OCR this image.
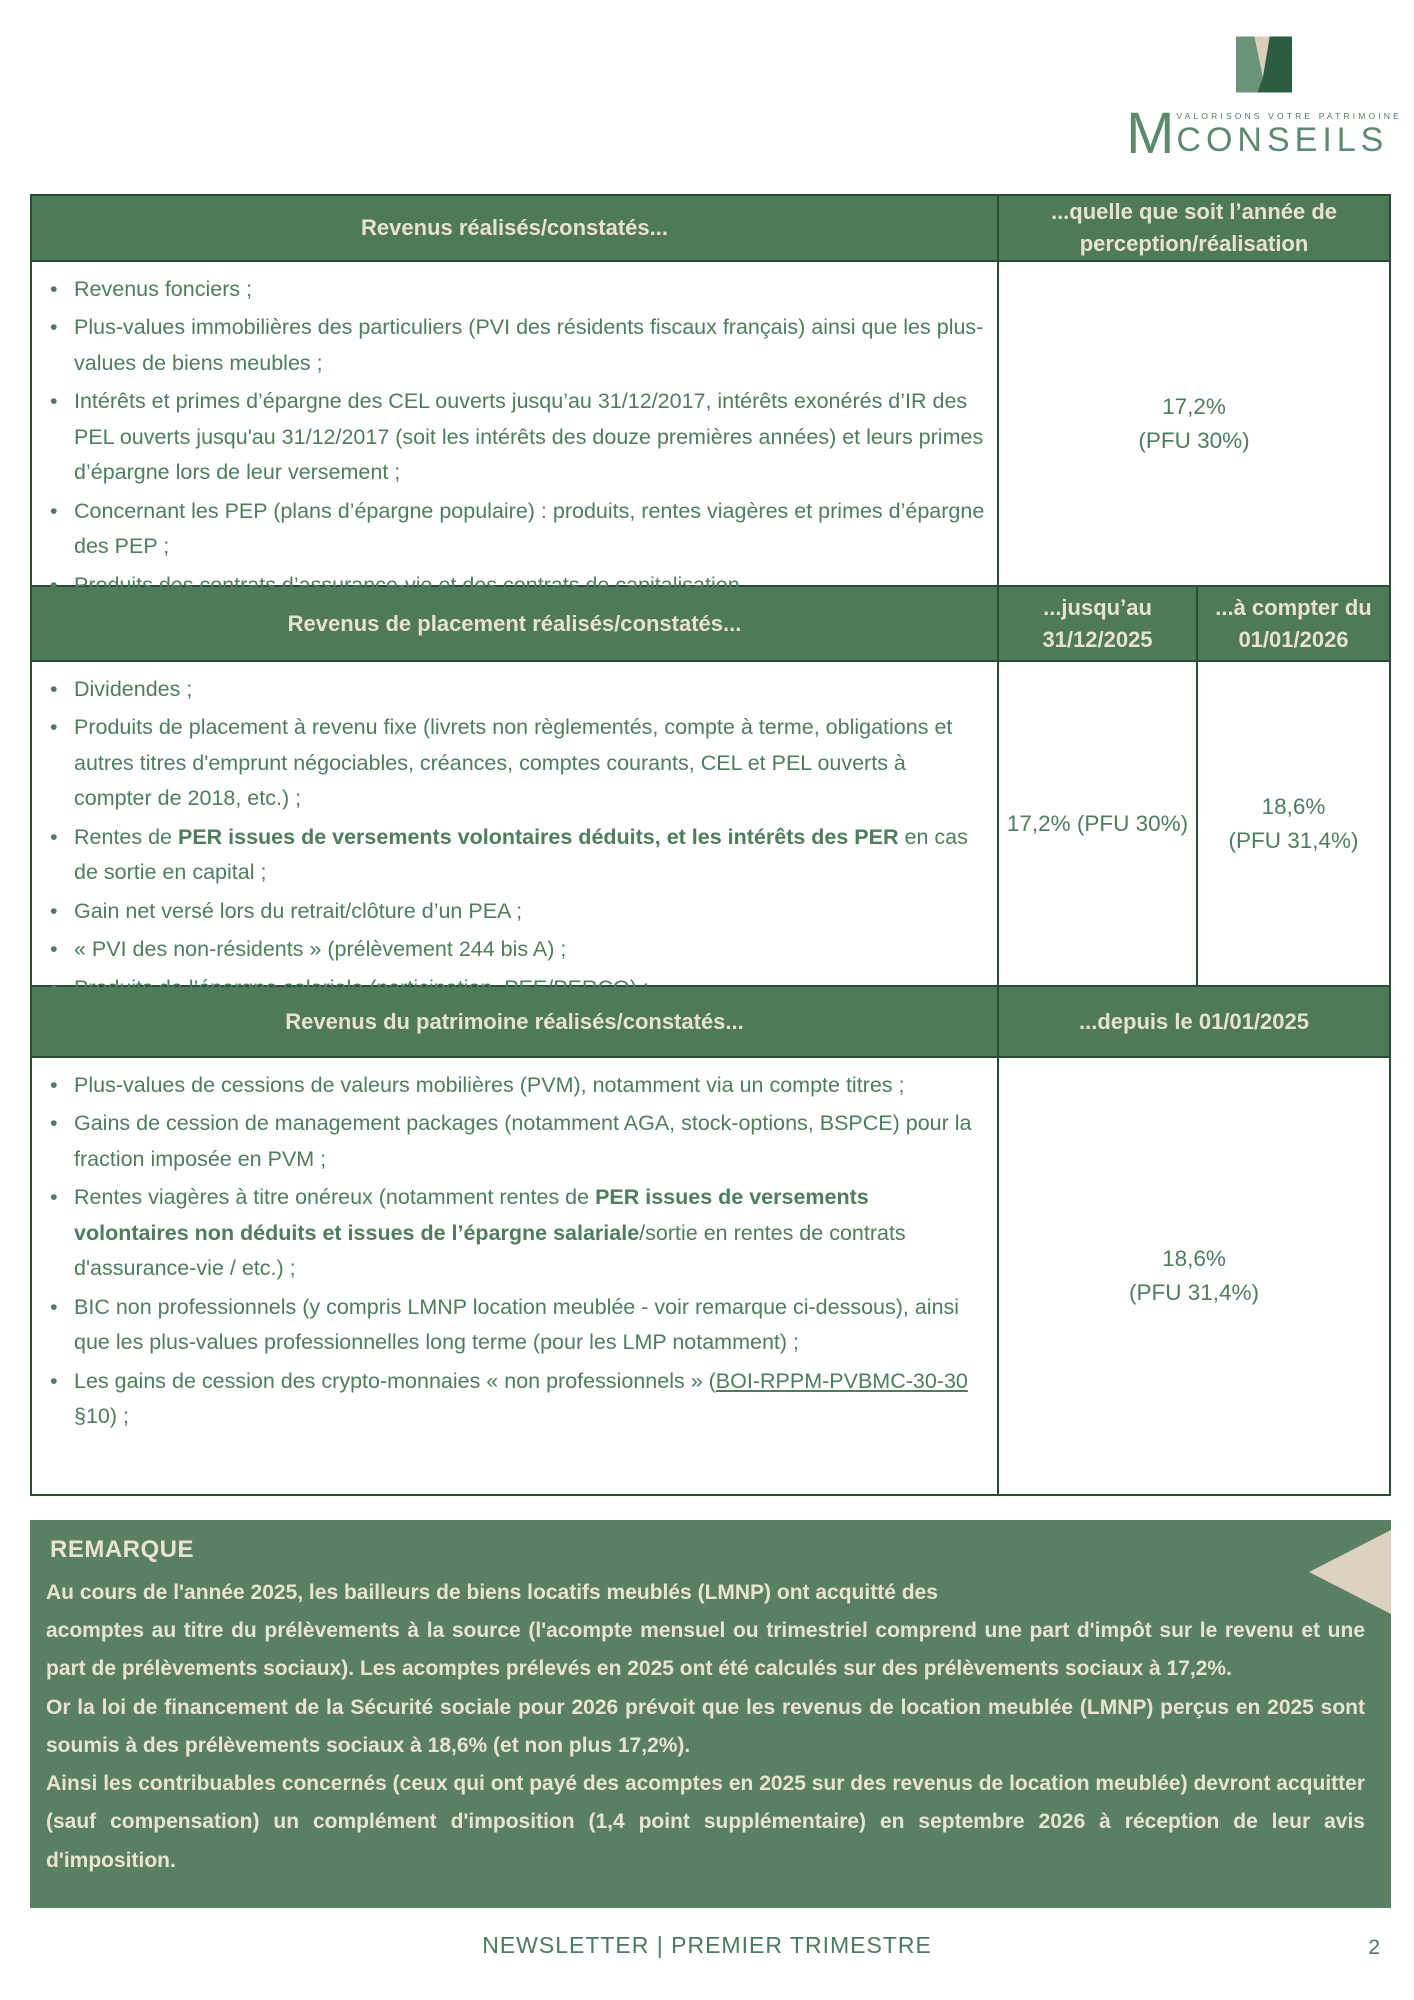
M VALORISONS VOTRE PATRIMOINE
CONSEILS
Revenus réalisés/constatés...
...quelle que soit l’année de perception/réalisation
• Revenus fonciers ;
• Plus-values immobilières des particuliers (PVI des résidents fiscaux français) ainsi que les plus-values de biens meubles ;
• Intérêts et primes d’épargne des CEL ouverts jusqu’au 31/12/2017, intérêts exonérés d’IR des PEL ouverts jusqu'au 31/12/2017 (soit les intérêts des douze premières années) et leurs primes d’épargne lors de leur versement ;
• Concernant les PEP (plans d’épargne populaire) : produits, rentes viagères et primes d’épargne des PEP ;
• Produits des contrats d’assurance-vie et des contrats de capitalisation.
17,2%
(PFU 30%)
Revenus de placement réalisés/constatés...
...jusqu’au 31/12/2025
...à compter du 01/01/2026
• Dividendes ;
• Produits de placement à revenu fixe (livrets non règlementés, compte à terme, obligations et autres titres d'emprunt négociables, créances, comptes courants, CEL et PEL ouverts à compter de 2018, etc.) ;
• Rentes de PER issues de versements volontaires déduits, et les intérêts des PER en cas de sortie en capital ;
• Gain net versé lors du retrait/clôture d’un PEA ;
• « PVI des non-résidents » (prélèvement 244 bis A) ;
• Produits de l’épargne salariale (participation, PEE/PERCO) ;
17,2% (PFU 30%)
18,6%
(PFU 31,4%)
Revenus du patrimoine réalisés/constatés...	...depuis le 01/01/2025
• Plus-values de cessions de valeurs mobilières (PVM), notamment via un compte titres ;
• Gains de cession de management packages (notamment AGA, stock-options, BSPCE) pour la fraction imposée en PVM ;
• Rentes viagères à titre onéreux (notamment rentes de PER issues de versements volontaires non déduits et issues de l’épargne salariale/sortie en rentes de contrats d'assurance-vie / etc.) ;
• BIC non professionnels (y compris LMNP location meublée - voir remarque ci-dessous), ainsi que les plus-values professionnelles long terme (pour les LMP notamment) ;
• Les gains de cession des crypto-monnaies « non professionnels » (BOI-RPPM-PVBMC-30-30 §10) ;
18,6%
(PFU 31,4%)
REMARQUE

Au cours de l'année 2025, les bailleurs de biens locatifs meublés (LMNP) ont acquitté des

acomptes au titre du prélèvements à la source (l'acompte mensuel ou trimestriel comprend une part d'impôt sur le revenu et une part de prélèvements sociaux). Les acomptes prélevés en 2025 ont été calculés sur des prélèvements sociaux à 17,2%.

Or la loi de financement de la Sécurité sociale pour 2026 prévoit que les revenus de location meublée (LMNP) perçus en 2025 sont soumis à des prélèvements sociaux à 18,6% (et non plus 17,2%).

Ainsi les contribuables concernés (ceux qui ont payé des acomptes en 2025 sur des revenus de location meublée) devront acquitter (sauf compensation) un complément d'imposition (1,4 point supplémentaire) en septembre 2026 à réception de leur avis d'imposition.

NEWSLETTER | PREMIER TRIMESTRE	2
